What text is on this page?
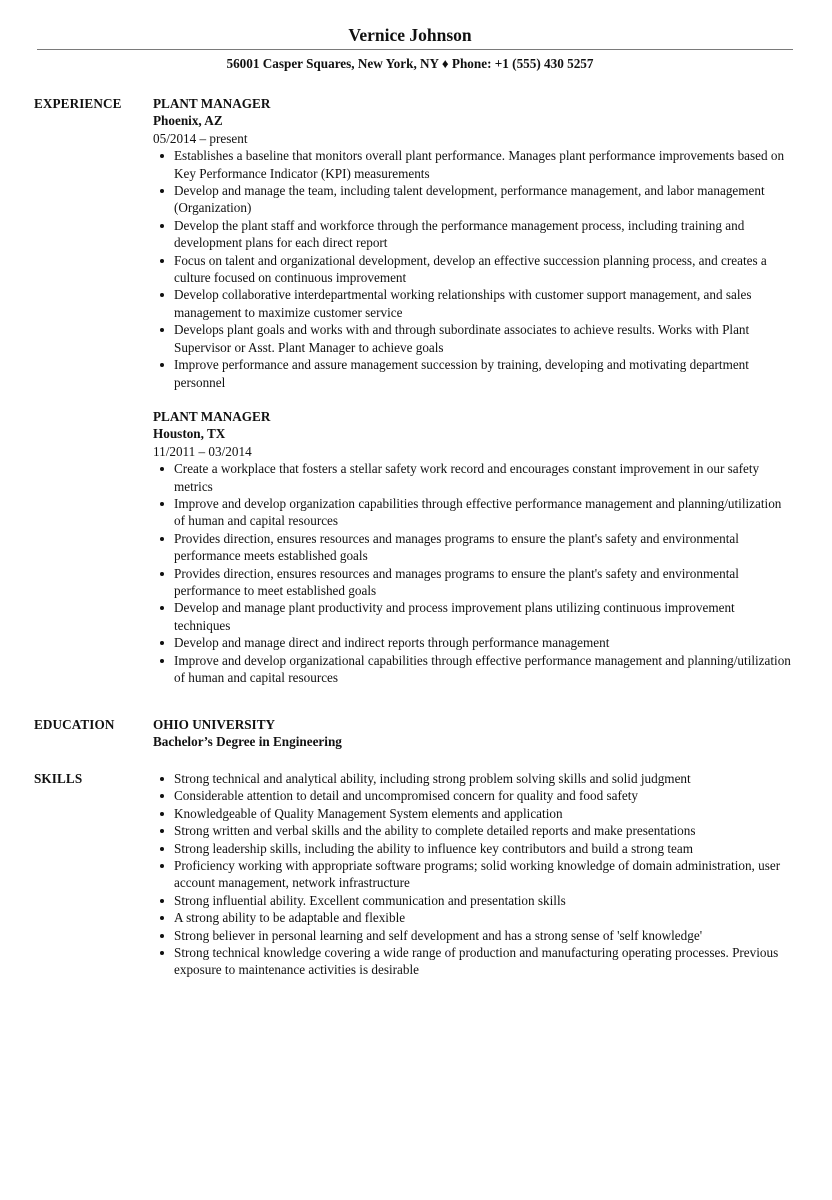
Vernice Johnson
56001 Casper Squares, New York, NY ♦ Phone: +1 (555) 430 5257
EXPERIENCE PLANT MANAGER
Phoenix, AZ
05/2014 – present
Establishes a baseline that monitors overall plant performance. Manages plant performance improvements based on Key Performance Indicator (KPI) measurements
Develop and manage the team, including talent development, performance management, and labor management (Organization)
Develop the plant staff and workforce through the performance management process, including training and development plans for each direct report
Focus on talent and organizational development, develop an effective succession planning process, and creates a culture focused on continuous improvement
Develop collaborative interdepartmental working relationships with customer support management, and sales management to maximize customer service
Develops plant goals and works with and through subordinate associates to achieve results. Works with Plant Supervisor or Asst. Plant Manager to achieve goals
Improve performance and assure management succession by training, developing and motivating department personnel
PLANT MANAGER
Houston, TX
11/2011 – 03/2014
Create a workplace that fosters a stellar safety work record and encourages constant improvement in our safety metrics
Improve and develop organization capabilities through effective performance management and planning/utilization of human and capital resources
Provides direction, ensures resources and manages programs to ensure the plant's safety and environmental performance meets established goals
Provides direction, ensures resources and manages programs to ensure the plant's safety and environmental performance to meet established goals
Develop and manage plant productivity and process improvement plans utilizing continuous improvement techniques
Develop and manage direct and indirect reports through performance management
Improve and develop organizational capabilities through effective performance management and planning/utilization of human and capital resources
EDUCATION	OHIO UNIVERSITY
Bachelor’s Degree in Engineering
SKILLS	Strong technical and analytical ability, including strong problem solving skills and solid judgment
Considerable attention to detail and uncompromised concern for quality and food safety
Knowledgeable of Quality Management System elements and application
Strong written and verbal skills and the ability to complete detailed reports and make presentations
Strong leadership skills, including the ability to influence key contributors and build a strong team
Proficiency working with appropriate software programs; solid working knowledge of domain administration, user account management, network infrastructure
Strong influential ability. Excellent communication and presentation skills
A strong ability to be adaptable and flexible
Strong believer in personal learning and self development and has a strong sense of 'self knowledge'
Strong technical knowledge covering a wide range of production and manufacturing operating processes. Previous exposure to maintenance activities is desirable
